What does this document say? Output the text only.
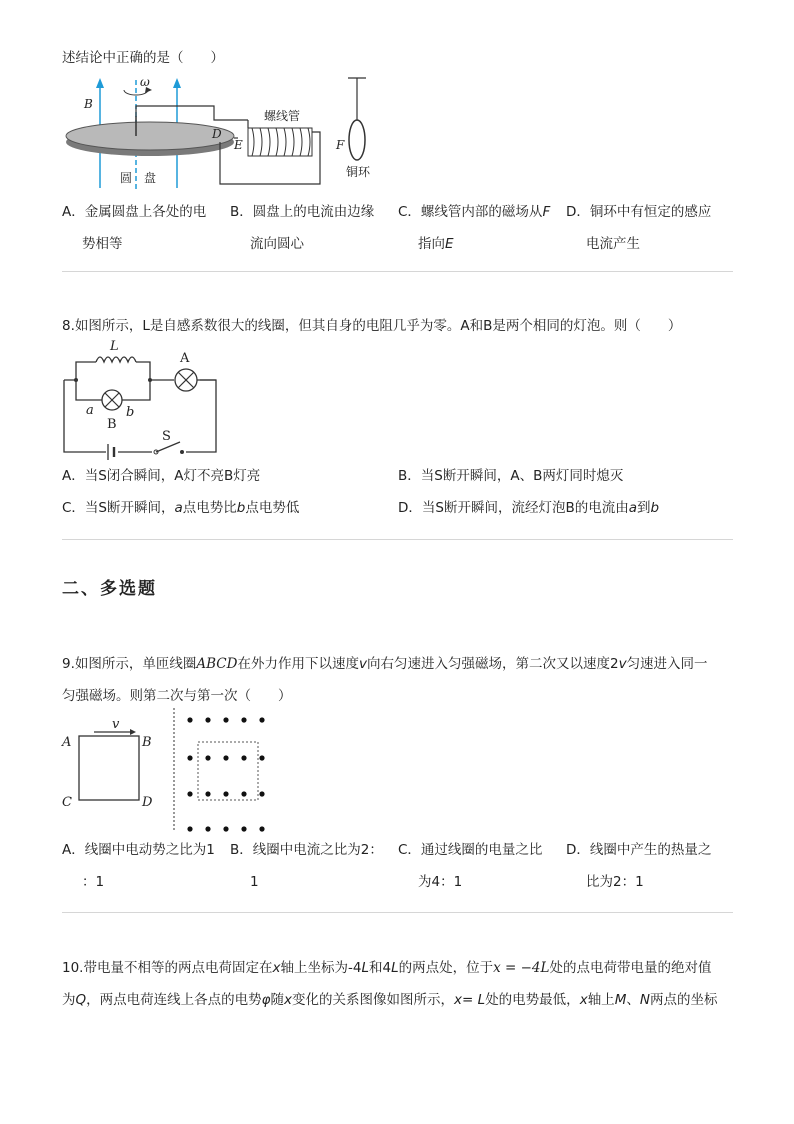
述结论中正确的是（　　）
ω
B
D
E	F
螺线管
圆　盘	铜环
A．金属圆盘上各处的电
势相等
B．圆盘上的电流由边缘
流向圆心
C．螺线管内部的磁场从F
指向E
D．铜环中有恒定的感应
电流产生
8.如图所示，L是自感系数很大的线圈，但其自身的电阻几乎为零。A和B是两个相同的灯泡。则（　　）
L
A
a b
B
S
A．当S闭合瞬间，A灯不亮B灯亮	B．当S断开瞬间，A、B两灯同时熄灭
C．当S断开瞬间，a点电势比b点电势低	D．当S断开瞬间，流经灯泡B的电流由a到b
二、多选题
9.如图所示，单匝线圈ABCD在外力作用下以速度v向右匀速进入匀强磁场，第二次又以速度2v匀速进入同一
匀强磁场。则第二次与第一次（　　）
v
A	B
C	D
A．线圈中电动势之比为1
：1
B．线圈中电流之比为2：
1
C．通过线圈的电量之比
为4：1
D．线圈中产生的热量之
比为2：1
10.带电量不相等的两点电荷固定在x轴上坐标为-4L和4L的两点处，位于x = −4L处的点电荷带电量的绝对值
为Q，两点电荷连线上各点的电势φ随x变化的关系图像如图所示，x= L处的电势最低，x轴上M、N两点的坐标
